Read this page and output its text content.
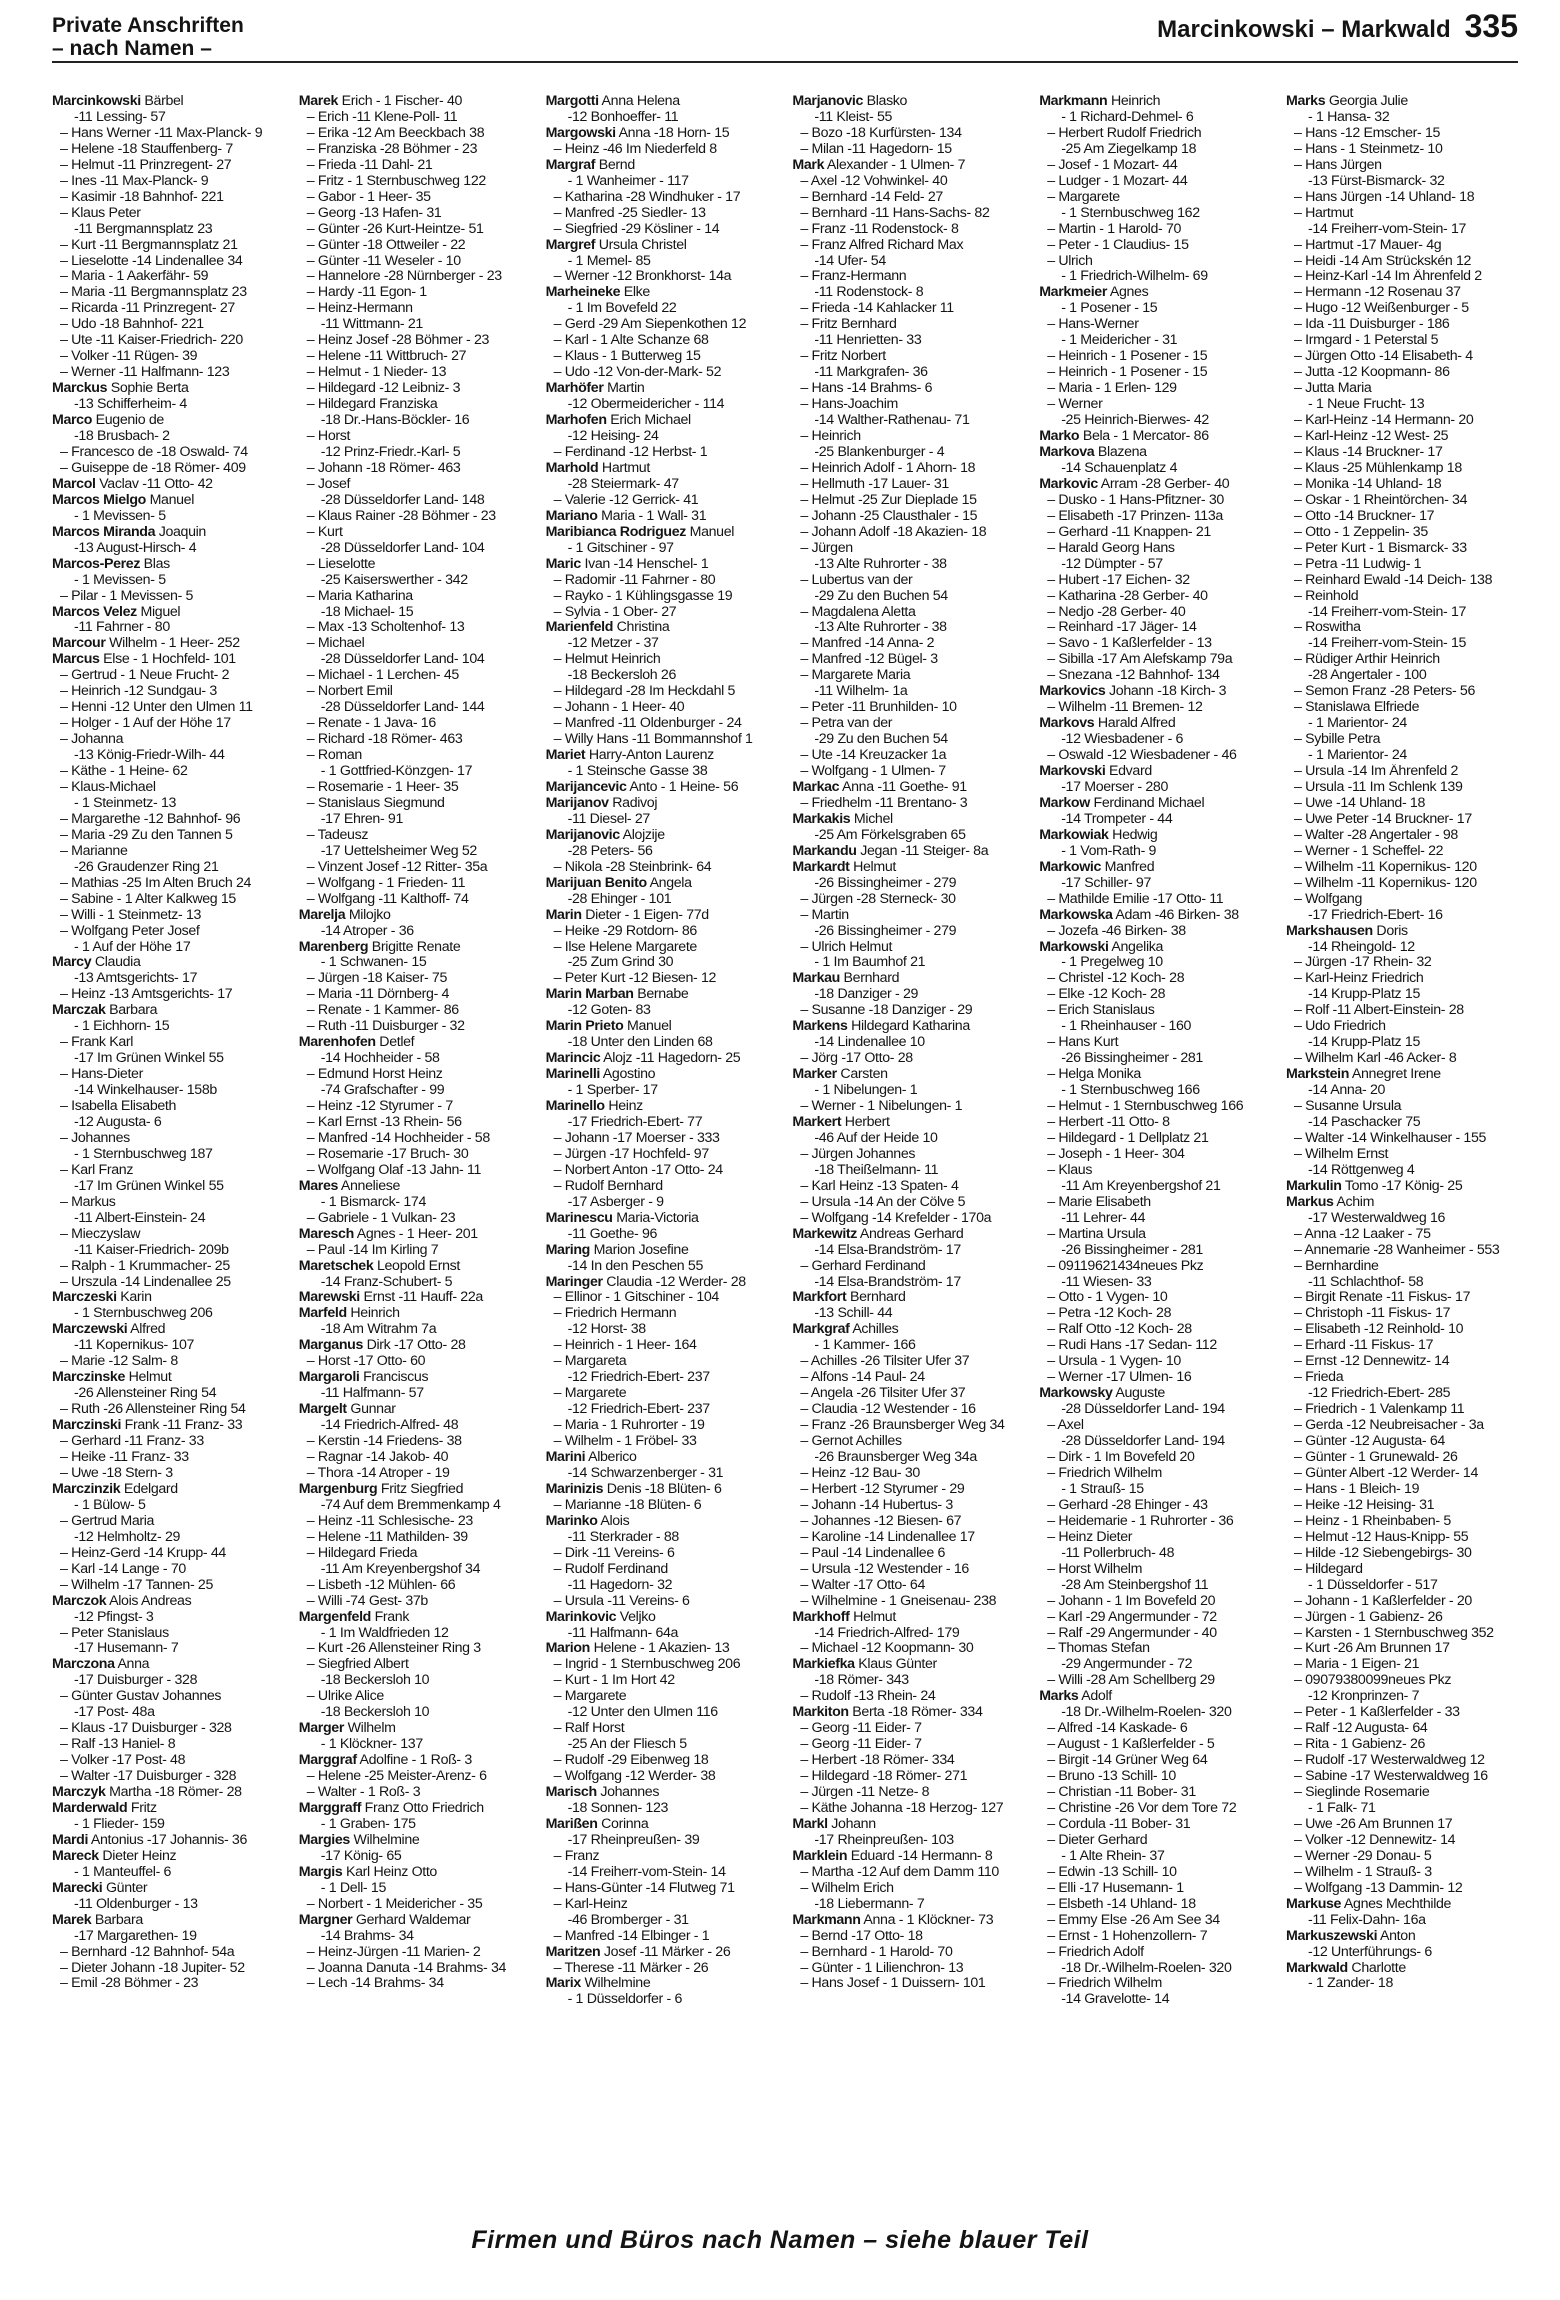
Private Anschriften
– nach Namen –
Marcinkowski – Markwald 335
Marcinkowski Bärbel
-11 Lessing- 57
– Hans Werner -11 Max-Planck- 9
– Helene -18 Stauffenberg- 7
– Helmut -11 Prinzregent- 27
– Ines -11 Max-Planck- 9
– Kasimir -18 Bahnhof- 221
– Klaus Peter
-11 Bergmannsplatz 23
– Kurt -11 Bergmannsplatz 21
– Lieselotte -14 Lindenallee 34
– Maria - 1 Aakerfähr- 59
– Maria -11 Bergmannsplatz 23
– Ricarda -11 Prinzregent- 27
– Udo -18 Bahnhof- 221
– Ute -11 Kaiser-Friedrich- 220
– Volker -11 Rügen- 39
– Werner -11 Halfmann- 123
Marckus Sophie Berta
-13 Schifferheim- 4
Marco Eugenio de
-18 Brusbach- 2
– Francesco de -18 Oswald- 74
– Guiseppe de -18 Römer- 409
Marcol Vaclav -11 Otto- 42
Marcos Mielgo Manuel
- 1 Mevissen- 5
Marcos Miranda Joaquin
-13 August-Hirsch- 4
Marcos-Perez Blas
- 1 Mevissen- 5
– Pilar - 1 Mevissen- 5
Marcos Velez Miguel
-11 Fahrner - 80
Marcour Wilhelm - 1 Heer- 252
Marcus Else - 1 Hochfeld- 101
– Gertrud - 1 Neue Frucht- 2
– Heinrich -12 Sundgau- 3
– Henni -12 Unter den Ulmen 11
– Holger - 1 Auf der Höhe 17
– Johanna
-13 König-Friedr-Wilh- 44
– Käthe - 1 Heine- 62
– Klaus-Michael
- 1 Steinmetz- 13
– Margarethe -12 Bahnhof- 96
– Maria -29 Zu den Tannen 5
– Marianne
-26 Graudenzer Ring 21
– Mathias -25 Im Alten Bruch 24
– Sabine - 1 Alter Kalkweg 15
– Willi - 1 Steinmetz- 13
– Wolfgang Peter Josef
- 1 Auf der Höhe 17
Marcy Claudia
-13 Amtsgerichts- 17
– Heinz -13 Amtsgerichts- 17
Marczak Barbara
- 1 Eichhorn- 15
– Frank Karl
-17 Im Grünen Winkel 55
– Hans-Dieter
-14 Winkelhauser- 158b
– Isabella Elisabeth
-12 Augusta- 6
– Johannes
- 1 Sternbuschweg 187
– Karl Franz
-17 Im Grünen Winkel 55
– Markus
-11 Albert-Einstein- 24
– Mieczyslaw
-11 Kaiser-Friedrich- 209b
– Ralph - 1 Krummacher- 25
– Urszula -14 Lindenallee 25
Marczeski Karin
- 1 Sternbuschweg 206
Marczewski Alfred
-11 Kopernikus- 107
– Marie -12 Salm- 8
Marczinske Helmut
-26 Allensteiner Ring 54
– Ruth -26 Allensteiner Ring 54
Marczinski Frank -11 Franz- 33
– Gerhard -11 Franz- 33
– Heike -11 Franz- 33
– Uwe -18 Stern- 3
Marczinzik Edelgard
- 1 Bülow- 5
– Gertrud Maria
-12 Helmholtz- 29
– Heinz-Gerd -14 Krupp- 44
– Karl -14 Lange - 70
– Wilhelm -17 Tannen- 25
Marczok Alois Andreas
-12 Pfingst- 3
– Peter Stanislaus
-17 Husemann- 7
Marczona Anna
-17 Duisburger - 328
– Günter Gustav Johannes
-17 Post- 48a
– Klaus -17 Duisburger - 328
– Ralf -13 Haniel- 8
– Volker -17 Post- 48
– Walter -17 Duisburger - 328
Marczyk Martha -18 Römer- 28
Marderwald Fritz
- 1 Flieder- 159
Mardi Antonius -17 Johannis- 36
Mareck Dieter Heinz
- 1 Manteuffel- 6
Marecki Günter
-11 Oldenburger - 13
Marek Barbara
-17 Margarethen- 19
– Bernhard -12 Bahnhof- 54a
– Dieter Johann -18 Jupiter- 52
– Emil -28 Böhmer - 23
Marek Erich - 1 Fischer- 40
– Erich -11 Klene-Poll- 11
– Erika -12 Am Beeckbach 38
– Franziska -28 Böhmer - 23
– Frieda -11 Dahl- 21
– Fritz - 1 Sternbuschweg 122
– Gabor - 1 Heer- 35
– Georg -13 Hafen- 31
– Günter -26 Kurt-Heintze- 51
– Günter -18 Ottweiler - 22
– Günter -11 Weseler - 10
– Hannelore -28 Nürnberger - 23
– Hardy -11 Egon- 1
– Heinz-Hermann
-11 Wittmann- 21
– Heinz Josef -28 Böhmer - 23
– Helene -11 Wittbruch- 27
– Helmut - 1 Nieder- 13
– Hildegard -12 Leibniz- 3
– Hildegard Franziska
-18 Dr.-Hans-Böckler- 16
– Horst
-12 Prinz-Friedr.-Karl- 5
– Johann -18 Römer- 463
– Josef
-28 Düsseldorfer Land- 148
– Klaus Rainer -28 Böhmer - 23
– Kurt
-28 Düsseldorfer Land- 104
– Lieselotte
-25 Kaiserswerther - 342
– Maria Katharina
-18 Michael- 15
– Max -13 Scholtenhof- 13
– Michael
-28 Düsseldorfer Land- 104
– Michael - 1 Lerchen- 45
– Norbert Emil
-28 Düsseldorfer Land- 144
– Renate - 1 Java- 16
– Richard -18 Römer- 463
– Roman
- 1 Gottfried-Könzgen- 17
– Rosemarie - 1 Heer- 35
– Stanislaus Siegmund
-17 Ehren- 91
– Tadeusz
-17 Uettelsheimer Weg 52
– Vinzent Josef -12 Ritter- 35a
– Wolfgang - 1 Frieden- 11
– Wolfgang -11 Kalthoff- 74
Marelja Milojko
-14 Atroper - 36
Marenberg Brigitte Renate
- 1 Schwanen- 15
– Jürgen -18 Kaiser- 75
– Maria -11 Dörnberg- 4
– Renate - 1 Kammer- 86
– Ruth -11 Duisburger - 32
Marenhofen Detlef
-14 Hochheider - 58
– Edmund Horst Heinz
-74 Grafschafter - 99
– Heinz -12 Styrumer - 7
– Karl Ernst -13 Rhein- 56
– Manfred -14 Hochheider - 58
– Rosemarie -17 Bruch- 30
– Wolfgang Olaf -13 Jahn- 11
Mares Anneliese
- 1 Bismarck- 174
– Gabriele - 1 Vulkan- 23
Maresch Agnes - 1 Heer- 201
– Paul -14 Im Kirling 7
Maretschek Leopold Ernst
-14 Franz-Schubert- 5
Marewski Ernst -11 Hauff- 22a
Marfeld Heinrich
-18 Am Witrahm 7a
Marganus Dirk -17 Otto- 28
– Horst -17 Otto- 60
Margaroli Franciscus
-11 Halfmann- 57
Margelt Gunnar
-14 Friedrich-Alfred- 48
– Kerstin -14 Friedens- 38
– Ragnar -14 Jakob- 40
– Thora -14 Atroper - 19
Margenburg Fritz Siegfried
-74 Auf dem Bremmenkamp 4
– Heinz -11 Schlesische- 23
– Helene -11 Mathilden- 39
– Hildegard Frieda
-11 Am Kreyenbergshof 34
– Lisbeth -12 Mühlen- 66
– Willi -74 Gest- 37b
Margenfeld Frank
- 1 Im Waldfrieden 12
– Kurt -26 Allensteiner Ring 3
– Siegfried Albert
-18 Beckersloh 10
– Ulrike Alice
-18 Beckersloh 10
Marger Wilhelm
- 1 Klöckner- 137
Marggraf Adolfine - 1 Roß- 3
– Helene -25 Meister-Arenz- 6
– Walter - 1 Roß- 3
Marggraff Franz Otto Friedrich
- 1 Graben- 175
Margies Wilhelmine
-17 König- 65
Margis Karl Heinz Otto
- 1 Dell- 15
– Norbert - 1 Meidericher - 35
Margner Gerhard Waldemar
-14 Brahms- 34
– Heinz-Jürgen -11 Marien- 2
– Joanna Danuta -14 Brahms- 34
– Lech -14 Brahms- 34
Margotti Anna Helena
-12 Bonhoeffer- 11
Margowski Anna -18 Horn- 15
– Heinz -46 Im Niederfeld 8
Margraf Bernd
- 1 Wanheimer - 117
– Katharina -28 Windhuker - 17
– Manfred -25 Siedler- 13
– Siegfried -29 Kösliner - 14
Margref Ursula Christel
- 1 Memel- 85
– Werner -12 Bronkhorst- 14a
Marheineke Elke
- 1 Im Bovefeld 22
– Gerd -29 Am Siepenkothen 12
– Karl - 1 Alte Schanze 68
– Klaus - 1 Butterweg 15
– Udo -12 Von-der-Mark- 52
Marhöfer Martin
-12 Obermeidericher - 114
Marhofen Erich Michael
-12 Heising- 24
– Ferdinand -12 Herbst- 1
Marhold Hartmut
-28 Steiermark- 47
– Valerie -12 Gerrick- 41
Mariano Maria - 1 Wall- 31
Maribianca Rodriguez Manuel
- 1 Gitschiner - 97
Maric Ivan -14 Henschel- 1
– Radomir -11 Fahrner - 80
– Rayko - 1 Kühlingsgasse 19
– Sylvia - 1 Ober- 27
Marienfeld Christina
-12 Metzer - 37
– Helmut Heinrich
-18 Beckersloh 26
– Hildegard -28 Im Heckdahl 5
– Johann - 1 Heer- 40
– Manfred -11 Oldenburger - 24
– Willy Hans -11 Bommannshof 1
Mariet Harry-Anton Laurenz
- 1 Steinsche Gasse 38
Marijancevic Anto - 1 Heine- 56
Marijanov Radivoj
-11 Diesel- 27
Marijanovic Alojzije
-28 Peters- 56
– Nikola -28 Steinbrink- 64
Marijuan Benito Angela
-28 Ehinger - 101
Marin Dieter - 1 Eigen- 77d
– Heike -29 Rotdorn- 86
– Ilse Helene Margarete
-25 Zum Grind 30
– Peter Kurt -12 Biesen- 12
Marin Marban Bernabe
-12 Goten- 83
Marin Prieto Manuel
-18 Unter den Linden 68
Marincic Alojz -11 Hagedorn- 25
Marinelli Agostino
- 1 Sperber- 17
Marinello Heinz
-17 Friedrich-Ebert- 77
– Johann -17 Moerser - 333
– Jürgen -17 Hochfeld- 97
– Norbert Anton -17 Otto- 24
– Rudolf Bernhard
-17 Asberger - 9
Marinescu Maria-Victoria
-11 Goethe- 96
Maring Marion Josefine
-14 In den Peschen 55
Maringer Claudia -12 Werder- 28
– Ellinor - 1 Gitschiner - 104
– Friedrich Hermann
-12 Horst- 38
– Heinrich - 1 Heer- 164
– Margareta
-12 Friedrich-Ebert- 237
– Margarete
-12 Friedrich-Ebert- 237
– Maria - 1 Ruhrorter - 19
– Wilhelm - 1 Fröbel- 33
Marini Alberico
-14 Schwarzenberger - 31
Marinizis Denis -18 Blüten- 6
– Marianne -18 Blüten- 6
Marinko Alois
-11 Sterkrader - 88
– Dirk -11 Vereins- 6
– Rudolf Ferdinand
-11 Hagedorn- 32
– Ursula -11 Vereins- 6
Marinkovic Veljko
-11 Halfmann- 64a
Marion Helene - 1 Akazien- 13
– Ingrid - 1 Sternbuschweg 206
– Kurt - 1 Im Hort 42
– Margarete
-12 Unter den Ulmen 116
– Ralf Horst
-25 An der Fliesch 5
– Rudolf -29 Eibenweg 18
– Wolfgang -12 Werder- 38
Marisch Johannes
-18 Sonnen- 123
Marißen Corinna
-17 Rheinpreußen- 39
– Franz
-14 Freiherr-vom-Stein- 14
– Hans-Günter -14 Flutweg 71
– Karl-Heinz
-46 Bromberger - 31
– Manfred -14 Elbinger - 1
Maritzen Josef -11 Märker - 26
– Therese -11 Märker - 26
Marix Wilhelmine
- 1 Düsseldorfer - 6
Marjanovic Blasko
-11 Kleist- 55
– Bozo -18 Kurfürsten- 134
– Milan -11 Hagedorn- 15
Mark Alexander - 1 Ulmen- 7
– Axel -12 Vohwinkel- 40
– Bernhard -14 Feld- 27
– Bernhard -11 Hans-Sachs- 82
– Franz -11 Rodenstock- 8
– Franz Alfred Richard Max
-14 Ufer- 54
– Franz-Hermann
-11 Rodenstock- 8
– Frieda -14 Kahlacker 11
– Fritz Bernhard
-11 Henrietten- 33
– Fritz Norbert
-11 Markgrafen- 36
– Hans -14 Brahms- 6
– Hans-Joachim
-14 Walther-Rathenau- 71
– Heinrich
-25 Blankenburger - 4
– Heinrich Adolf - 1 Ahorn- 18
– Hellmuth -17 Lauer- 31
– Helmut -25 Zur Dieplade 15
– Johann -25 Clausthaler - 15
– Johann Adolf -18 Akazien- 18
– Jürgen
-13 Alte Ruhrorter - 38
– Lubertus van der
-29 Zu den Buchen 54
– Magdalena Aletta
-13 Alte Ruhrorter - 38
– Manfred -14 Anna- 2
– Manfred -12 Bügel- 3
– Margarete Maria
-11 Wilhelm- 1a
– Peter -11 Brunhilden- 10
– Petra van der
-29 Zu den Buchen 54
– Ute -14 Kreuzacker 1a
– Wolfgang - 1 Ulmen- 7
Markac Anna -11 Goethe- 91
– Friedhelm -11 Brentano- 3
Markakis Michel
-25 Am Förkelsgraben 65
Markandu Jegan -11 Steiger- 8a
Markardt Helmut
-26 Bissingheimer - 279
– Jürgen -28 Sterneck- 30
– Martin
-26 Bissingheimer - 279
– Ulrich Helmut
- 1 Im Baumhof 21
Markau Bernhard
-18 Danziger - 29
– Susanne -18 Danziger - 29
Markens Hildegard Katharina
-14 Lindenallee 10
– Jörg -17 Otto- 28
Marker Carsten
- 1 Nibelungen- 1
– Werner - 1 Nibelungen- 1
Markert Herbert
-46 Auf der Heide 10
– Jürgen Johannes
-18 Theißelmann- 11
– Karl Heinz -13 Spaten- 4
– Ursula -14 An der Cölve 5
– Wolfgang -14 Krefelder - 170a
Markewitz Andreas Gerhard
-14 Elsa-Brandström- 17
– Gerhard Ferdinand
-14 Elsa-Brandström- 17
Markfort Bernhard
-13 Schill- 44
Markgraf Achilles
- 1 Kammer- 166
– Achilles -26 Tilsiter Ufer 37
– Alfons -14 Paul- 24
– Angela -26 Tilsiter Ufer 37
– Claudia -12 Westender - 16
– Franz -26 Braunsberger Weg 34
– Gernot Achilles
-26 Braunsberger Weg 34a
– Heinz -12 Bau- 30
– Herbert -12 Styrumer - 29
– Johann -14 Hubertus- 3
– Johannes -12 Biesen- 67
– Karoline -14 Lindenallee 17
– Paul -14 Lindenallee 6
– Ursula -12 Westender - 16
– Walter -17 Otto- 64
– Wilhelmine - 1 Gneisenau- 238
Markhoff Helmut
-14 Friedrich-Alfred- 179
– Michael -12 Koopmann- 30
Markiefka Klaus Günter
-18 Römer- 343
– Rudolf -13 Rhein- 24
Markiton Berta -18 Römer- 334
– Georg -11 Eider- 7
– Georg -11 Eider- 7
– Herbert -18 Römer- 334
– Hildegard -18 Römer- 271
– Jürgen -11 Netze- 8
– Käthe Johanna -18 Herzog- 127
Markl Johann
-17 Rheinpreußen- 103
Marklein Eduard -14 Hermann- 8
– Martha -12 Auf dem Damm 110
– Wilhelm Erich
-18 Liebermann- 7
Markmann Anna - 1 Klöckner- 73
– Bernd -17 Otto- 18
– Bernhard - 1 Harold- 70
– Günter - 1 Lilienchron- 13
– Hans Josef - 1 Duissern- 101
Markmann Heinrich
- 1 Richard-Dehmel- 6
– Herbert Rudolf Friedrich
-25 Am Ziegelkamp 18
– Josef - 1 Mozart- 44
– Ludger - 1 Mozart- 44
– Margarete
- 1 Sternbuschweg 162
– Martin - 1 Harold- 70
– Peter - 1 Claudius- 15
– Ulrich
- 1 Friedrich-Wilhelm- 69
Markmeier Agnes
- 1 Posener - 15
– Hans-Werner
- 1 Meidericher - 31
– Heinrich - 1 Posener - 15
– Heinrich - 1 Posener - 15
– Maria - 1 Erlen- 129
– Werner
-25 Heinrich-Bierwes- 42
Marko Bela - 1 Mercator- 86
Markova Blazena
-14 Schauenplatz 4
Markovic Arram -28 Gerber- 40
– Dusko - 1 Hans-Pfitzner- 30
– Elisabeth -17 Prinzen- 113a
– Gerhard -11 Knappen- 21
– Harald Georg Hans
-12 Dümpter - 57
– Hubert -17 Eichen- 32
– Katharina -28 Gerber- 40
– Nedjo -28 Gerber- 40
– Reinhard -17 Jäger- 14
– Savo - 1 Kaßlerfelder - 13
– Sibilla -17 Am Alefskamp 79a
– Snezana -12 Bahnhof- 134
Markovics Johann -18 Kirch- 3
– Wilhelm -11 Bremen- 12
Markovs Harald Alfred
-12 Wiesbadener - 6
– Oswald -12 Wiesbadener - 46
Markovski Edvard
-17 Moerser - 280
Markow Ferdinand Michael
-14 Trompeter - 44
Markowiak Hedwig
- 1 Vom-Rath- 9
Markowic Manfred
-17 Schiller- 97
– Mathilde Emilie -17 Otto- 11
Markowska Adam -46 Birken- 38
– Jozefa -46 Birken- 38
Markowski Angelika
- 1 Pregelweg 10
– Christel -12 Koch- 28
– Elke -12 Koch- 28
– Erich Stanislaus
- 1 Rheinhauser - 160
– Hans Kurt
-26 Bissingheimer - 281
– Helga Monika
- 1 Sternbuschweg 166
– Helmut - 1 Sternbuschweg 166
– Herbert -11 Otto- 8
– Hildegard - 1 Dellplatz 21
– Joseph - 1 Heer- 304
– Klaus
-11 Am Kreyenbergshof 21
– Marie Elisabeth
-11 Lehrer- 44
– Martina Ursula
-26 Bissingheimer - 281
– 09119621434neues Pkz
-11 Wiesen- 33
– Otto - 1 Vygen- 10
– Petra -12 Koch- 28
– Ralf Otto -12 Koch- 28
– Rudi Hans -17 Sedan- 112
– Ursula - 1 Vygen- 10
– Werner -17 Ulmen- 16
Markowsky Auguste
-28 Düsseldorfer Land- 194
– Axel
-28 Düsseldorfer Land- 194
– Dirk - 1 Im Bovefeld 20
– Friedrich Wilhelm
- 1 Strauß- 15
– Gerhard -28 Ehinger - 43
– Heidemarie - 1 Ruhrorter - 36
– Heinz Dieter
-11 Pollerbruch- 48
– Horst Wilhelm
-28 Am Steinbergshof 11
– Johann - 1 Im Bovefeld 20
– Karl -29 Angermunder - 72
– Ralf -29 Angermunder - 40
– Thomas Stefan
-29 Angermunder - 72
– Willi -28 Am Schellberg 29
Marks Adolf
-18 Dr.-Wilhelm-Roelen- 320
– Alfred -14 Kaskade- 6
– August - 1 Kaßlerfelder - 5
– Birgit -14 Grüner Weg 64
– Bruno -13 Schill- 10
– Christian -11 Bober- 31
– Christine -26 Vor dem Tore 72
– Cordula -11 Bober- 31
– Dieter Gerhard
- 1 Alte Rhein- 37
– Edwin -13 Schill- 10
– Elli -17 Husemann- 1
– Elsbeth -14 Uhland- 18
– Emmy Else -26 Am See 34
– Ernst - 1 Hohenzollern- 7
– Friedrich Adolf
-18 Dr.-Wilhelm-Roelen- 320
– Friedrich Wilhelm
-14 Gravelotte- 14
Marks Georgia Julie
- 1 Hansa- 32
– Hans -12 Emscher- 15
– Hans - 1 Steinmetz- 10
– Hans Jürgen
-13 Fürst-Bismarck- 32
– Hans Jürgen -14 Uhland- 18
– Hartmut
-14 Freiherr-vom-Stein- 17
– Hartmut -17 Mauer- 4g
– Heidi -14 Am Strückskén 12
– Heinz-Karl -14 Im Ährenfeld 2
– Hermann -12 Rosenau 37
– Hugo -12 Weißenburger - 5
– Ida -11 Duisburger - 186
– Irmgard - 1 Peterstal 5
– Jürgen Otto -14 Elisabeth- 4
– Jutta -12 Koopmann- 86
– Jutta Maria
- 1 Neue Frucht- 13
– Karl-Heinz -14 Hermann- 20
– Karl-Heinz -12 West- 25
– Klaus -14 Bruckner- 17
– Klaus -25 Mühlenkamp 18
– Monika -14 Uhland- 18
– Oskar - 1 Rheintörchen- 34
– Otto -14 Bruckner- 17
– Otto - 1 Zeppelin- 35
– Peter Kurt - 1 Bismarck- 33
– Petra -11 Ludwig- 1
– Reinhard Ewald -14 Deich- 138
– Reinhold
-14 Freiherr-vom-Stein- 17
– Roswitha
-14 Freiherr-vom-Stein- 15
– Rüdiger Arthir Heinrich
-28 Angertaler - 100
– Semon Franz -28 Peters- 56
– Stanislawa Elfriede
- 1 Marientor- 24
– Sybille Petra
- 1 Marientor- 24
– Ursula -14 Im Ährenfeld 2
– Ursula -11 Im Schlenk 139
– Uwe -14 Uhland- 18
– Uwe Peter -14 Bruckner- 17
– Walter -28 Angertaler - 98
– Werner - 1 Scheffel- 22
– Wilhelm -11 Kopernikus- 120
– Wilhelm -11 Kopernikus- 120
– Wolfgang
-17 Friedrich-Ebert- 16
Markshausen Doris
-14 Rheingold- 12
– Jürgen -17 Rhein- 32
– Karl-Heinz Friedrich
-14 Krupp-Platz 15
– Rolf -11 Albert-Einstein- 28
– Udo Friedrich
-14 Krupp-Platz 15
– Wilhelm Karl -46 Acker- 8
Markstein Annegret Irene
-14 Anna- 20
– Susanne Ursula
-14 Paschacker 75
– Walter -14 Winkelhauser - 155
– Wilhelm Ernst
-14 Röttgenweg 4
Markulin Tomo -17 König- 25
Markus Achim
-17 Westerwaldweg 16
– Anna -12 Laaker - 75
– Annemarie -28 Wanheimer - 553
– Bernhardine
-11 Schlachthof- 58
– Birgit Renate -11 Fiskus- 17
– Christoph -11 Fiskus- 17
– Elisabeth -12 Reinhold- 10
– Erhard -11 Fiskus- 17
– Ernst -12 Dennewitz- 14
– Frieda
-12 Friedrich-Ebert- 285
– Friedrich - 1 Valenkamp 11
– Gerda -12 Neubreisacher - 3a
– Günter -12 Augusta- 64
– Günter - 1 Grunewald- 26
– Günter Albert -12 Werder- 14
– Hans - 1 Bleich- 19
– Heike -12 Heising- 31
– Heinz - 1 Rheinbaben- 5
– Helmut -12 Haus-Knipp- 55
– Hilde -12 Siebengebirgs- 30
– Hildegard
- 1 Düsseldorfer - 517
– Johann - 1 Kaßlerfelder - 20
– Jürgen - 1 Gabienz- 26
– Karsten - 1 Sternbuschweg 352
– Kurt -26 Am Brunnen 17
– Maria - 1 Eigen- 21
– 09079380099neues Pkz
-12 Kronprinzen- 7
– Peter - 1 Kaßlerfelder - 33
– Ralf -12 Augusta- 64
– Rita - 1 Gabienz- 26
– Rudolf -17 Westerwaldweg 12
– Sabine -17 Westerwaldweg 16
– Sieglinde Rosemarie
- 1 Falk- 71
– Uwe -26 Am Brunnen 17
– Volker -12 Dennewitz- 14
– Werner -29 Donau- 5
– Wilhelm - 1 Strauß- 3
– Wolfgang -13 Dammin- 12
Markuse Agnes Mechthilde
-11 Felix-Dahn- 16a
Markuszewski Anton
-12 Unterführungs- 6
Markwald Charlotte
- 1 Zander- 18
Firmen und Büros nach Namen – siehe blauer Teil
